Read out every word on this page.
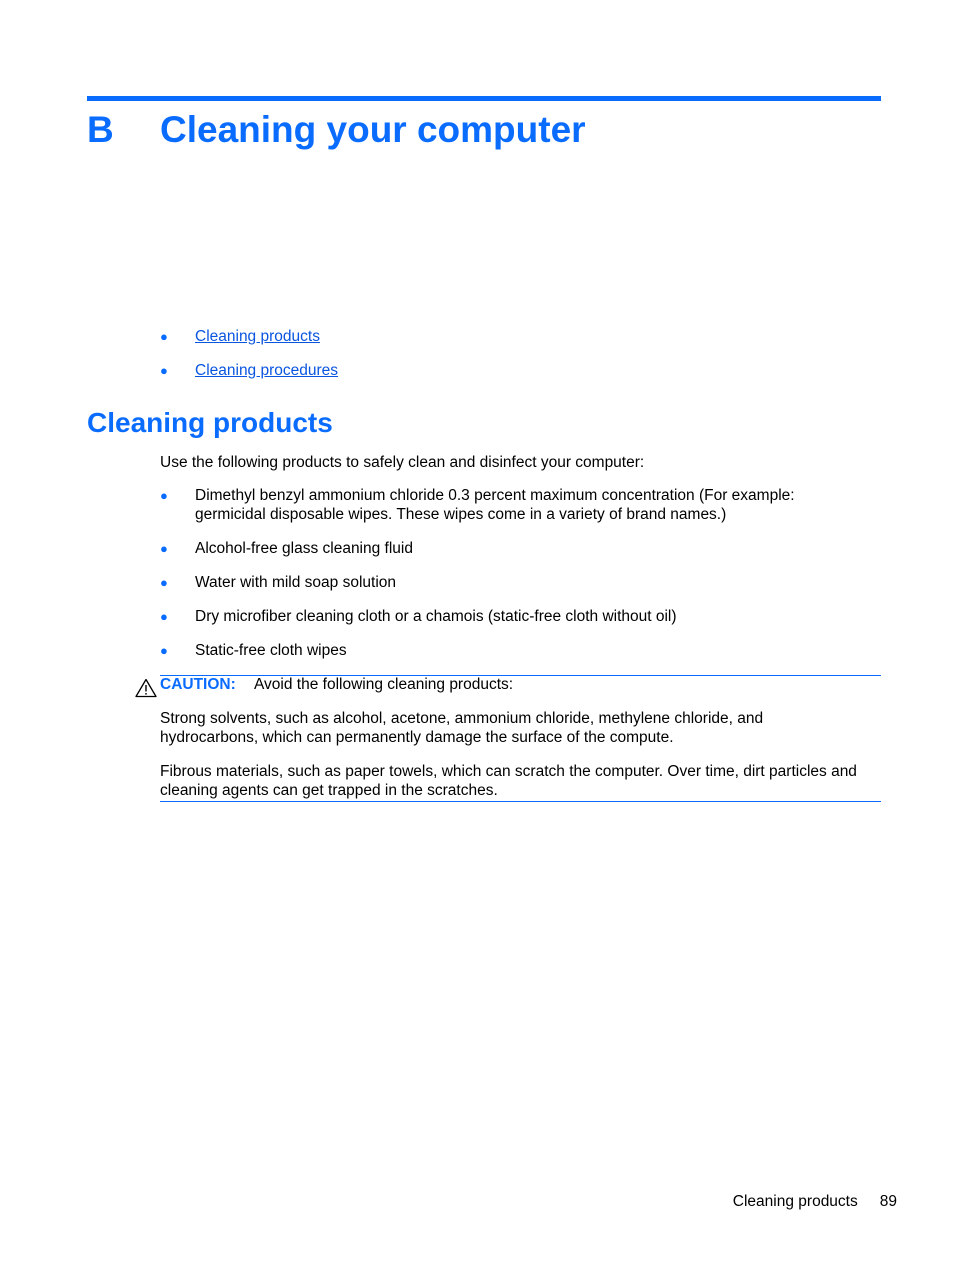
B Cleaning your computer
● Cleaning products
● Cleaning procedures
Cleaning products

Use the following products to safely clean and disinfect your computer:

● Dimethyl benzyl ammonium chloride 0.3 percent maximum concentration (For example: germicidal disposable wipes. These wipes come in a variety of brand names.)
● Alcohol-free glass cleaning fluid
● Water with mild soap solution
● Dry microfiber cleaning cloth or a chamois (static-free cloth without oil)
● Static-free cloth wipes

CAUTION: Avoid the following cleaning products:

Strong solvents, such as alcohol, acetone, ammonium chloride, methylene chloride, and hydrocarbons, which can permanently damage the surface of the compute.

Fibrous materials, such as paper towels, which can scratch the computer. Over time, dirt particles and cleaning agents can get trapped in the scratches.

Cleaning products 89
